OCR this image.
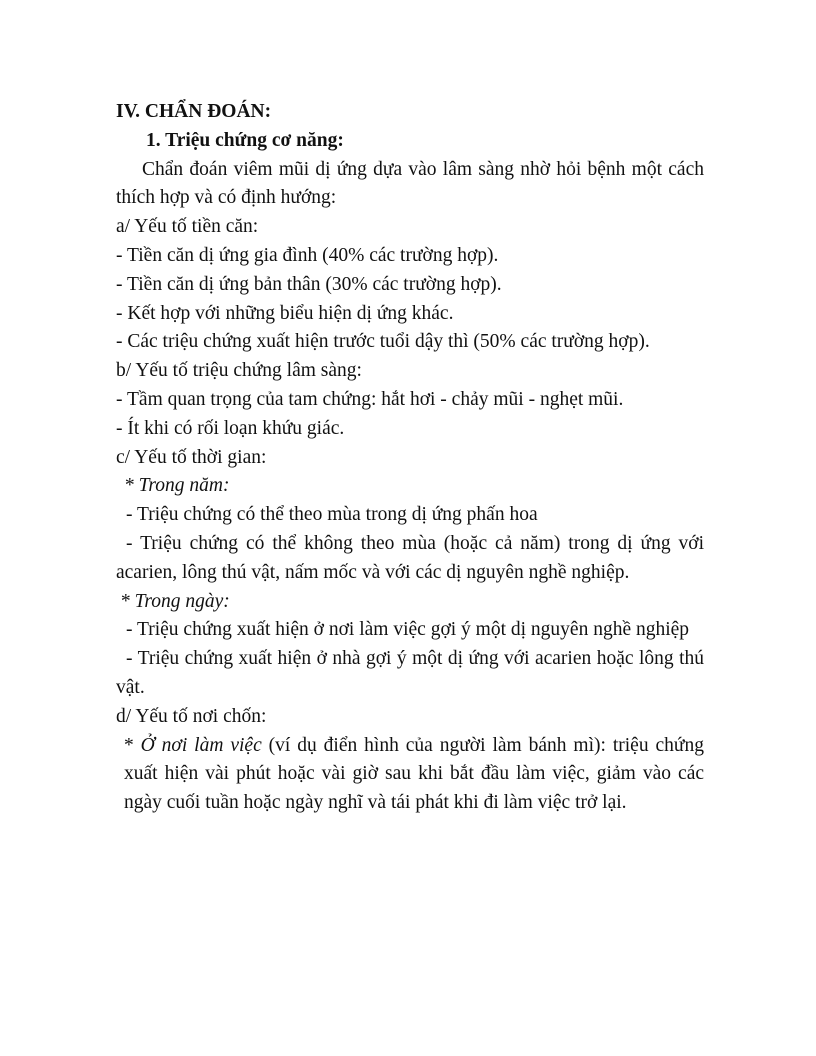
IV. CHẨN ĐOÁN:

1. Triệu chứng cơ năng:

Chẩn đoán viêm mũi dị ứng dựa vào lâm sàng nhờ hỏi bệnh một cách thích hợp và có định hướng:

a/ Yếu tố tiền căn:

- Tiền căn dị ứng gia đình (40% các trường hợp).

- Tiền căn dị ứng bản thân (30% các trường hợp).

- Kết hợp với những biểu hiện dị ứng khác.

- Các triệu chứng xuất hiện trước tuổi dậy thì (50% các trường hợp).

b/ Yếu tố triệu chứng lâm sàng:

- Tầm quan trọng của tam chứng: hắt hơi - chảy mũi - nghẹt mũi.

- Ít khi có rối loạn khứu giác.

c/ Yếu tố thời gian:

* Trong năm:

- Triệu chứng có thể theo mùa trong dị ứng phấn hoa

- Triệu chứng có thể không theo mùa (hoặc cả năm) trong dị ứng với acarien, lông thú vật, nấm mốc và với các dị nguyên nghề nghiệp.

* Trong ngày:

- Triệu chứng xuất hiện ở nơi làm việc gợi ý một dị nguyên nghề nghiệp

- Triệu chứng xuất hiện ở nhà gợi ý một dị ứng với acarien hoặc lông thú vật.

d/ Yếu tố nơi chốn:

* Ở nơi làm việc (ví dụ điển hình của người làm bánh mì): triệu chứng xuất hiện vài phút hoặc vài giờ sau khi bắt đầu làm việc, giảm vào các ngày cuối tuần hoặc ngày nghĩ và tái phát khi đi làm việc trở lại.
